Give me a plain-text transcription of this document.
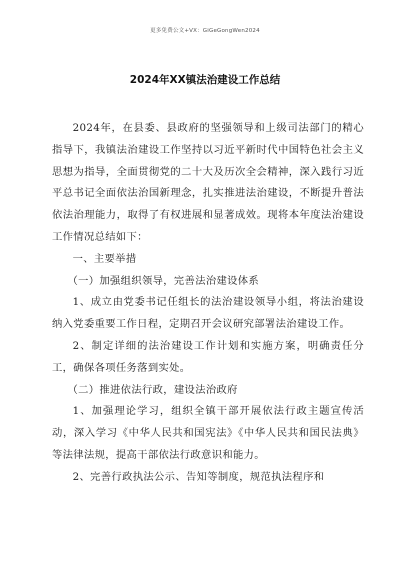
更多免费公文+VX：GiGeGongWen2024
2024年XX镇法治建设工作总结

2024年，在县委、县政府的坚强领导和上级司法部门的精心指导下，我镇法治建设工作坚持以习近平新时代中国特色社会主义思想为指导，全面贯彻党的二十大及历次全会精神，深入践行习近平总书记全面依法治国新理念，扎实推进法治建设，不断提升普法依法治理能力，取得了有权进展和显著成效。现将本年度法治建设工作情况总结如下：

一、主要举措

（一）加强组织领导，完善法治建设体系

1、成立由党委书记任组长的法治建设领导小组，将法治建设纳入党委重要工作日程，定期召开会议研究部署法治建设工作。

2、制定详细的法治建设工作计划和实施方案，明确责任分工，确保各项任务落到实处。

（二）推进依法行政，建设法治政府

1、加强理论学习，组织全镇干部开展依法行政主题宣传活动，深入学习《中华人民共和国宪法》《中华人民共和国民法典》等法律法规，提高干部依法行政意识和能力。

2、完善行政执法公示、告知等制度，规范执法程序和
